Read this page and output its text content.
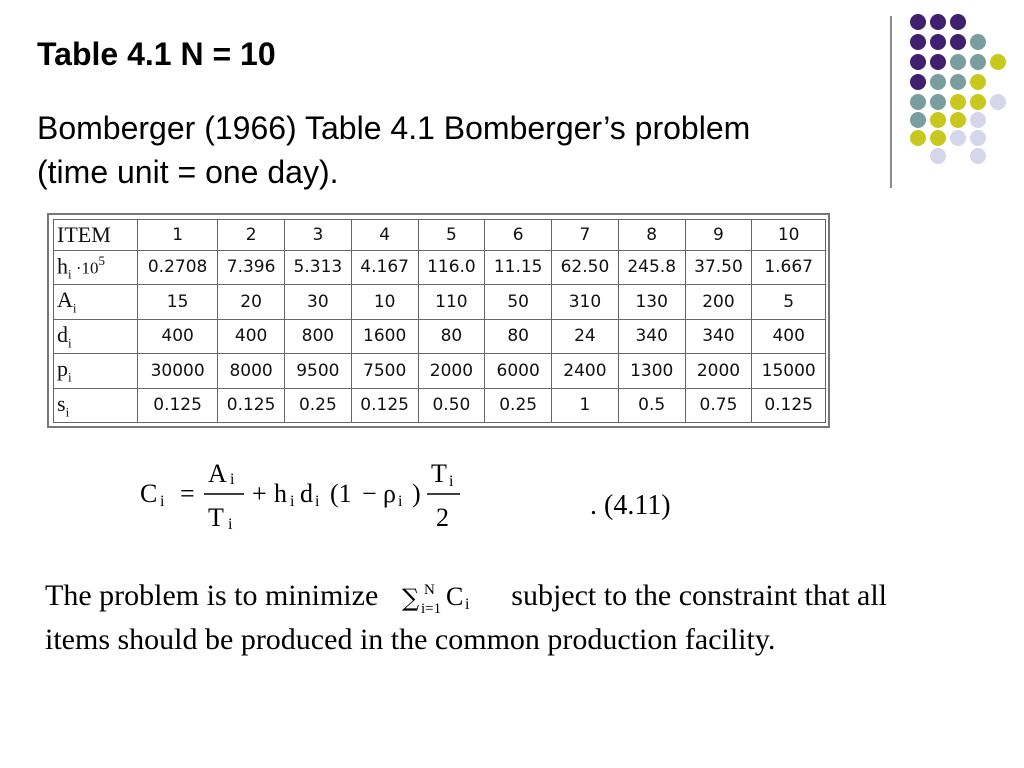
Table 4.1 N = 10

Bomberger (1966) Table 4.1 Bomberger’s problem (time unit = one day).

ITEM	1	2	3	4	5	6	7	8	9	10
$h_i \cdot 10^5$	0.2708	7.396	5.313	4.167	116.0	11.15	62.50	245.8	37.50	1.667
$A_i$	15	20	30	10	110	50	310	130	200	5
$d_i$	400	400	800	1600	80	80	24	340	340	400
$p_i$	30000	8000	9500	7500	2000	6000	2400	1300	2000	15000
$s_i$	0.125	0.125	0.25	0.125	0.50	0.25	1	0.5	0.75	0.125
C i =
A i
T i
+ h i d i (1 − ρ i )
T i
2	. (4.11)

The problem is to minimize ∑ N
i=1 C i subject to the constraint that all items should be produced in the common production facility.
